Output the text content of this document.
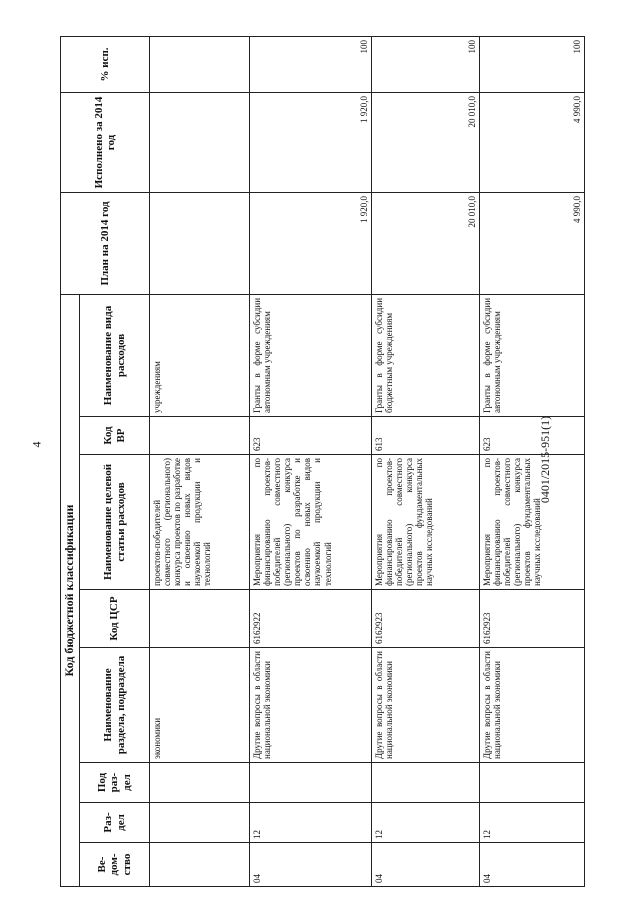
4	0401/2015-951(1)
Код бюджетной классификации								План на 2014 год	Исполнено за 2014 год	% исп.
Ве-дом-ство	Раз-дел	Под раз-дел	Наименование раздела, подраздела	Код ЦСР	Наименование целевой статьи расходов	Код ВР	Наименование вида расходов			
			экономики		проектов-победителей совместного (регионального) конкурса проектов по разработке и освоению новых видов наукоемкой продукции и технологий		учреждениям			
04	12		Другие вопросы в области национальной экономики	6162922	Мероприятия по финансированию проектов-победителей совместного (регионального) конкурса проектов по разработке и освоению новых видов наукоемкой продукции и технологий	623	Гранты в форме субсидии автономным учреждениям	1 920,0	1 920,0	100
04	12		Другие вопросы в области национальной экономики	6162923	Мероприятия по финансированию проектов-победителей совместного (регионального) конкурса проектов фундаментальных научных исследований	613	Гранты в форме субсидии бюджетным учреждениям	20 010,0	20 010,0	100
04	12		Другие вопросы в области национальной экономики	6162923	Мероприятия по финансированию проектов-победителей совместного (регионального) конкурса проектов фундаментальных научных исследований	623	Гранты в форме субсидии автономным учреждениям	4 990,0	4 990,0	100
